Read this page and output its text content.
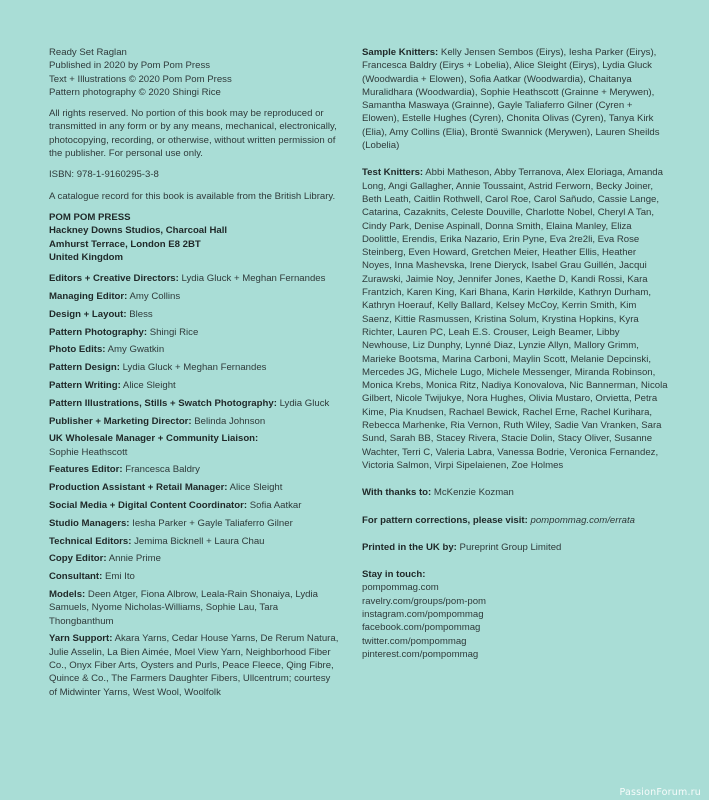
Ready Set Raglan

Published in 2020 by Pom Pom Press

Text + Illustrations © 2020 Pom Pom Press

Pattern photography © 2020 Shingi Rice

All rights reserved. No portion of this book may be reproduced or transmitted in any form or by any means, mechanical, electronically, photocopying, recording, or otherwise, without written permission of the publisher. For personal use only.

ISBN: 978-1-9160295-3-8

A catalogue record for this book is available from the British Library.

POM POM PRESS

Hackney Downs Studios, Charcoal Hall

Amhurst Terrace, London E8 2BT

United Kingdom

Editors + Creative Directors: Lydia Gluck + Meghan Fernandes

Managing Editor: Amy Collins

Design + Layout: Bless

Pattern Photography: Shingi Rice

Photo Edits: Amy Gwatkin

Pattern Design: Lydia Gluck + Meghan Fernandes

Pattern Writing: Alice Sleight

Pattern Illustrations, Stills + Swatch Photography: Lydia Gluck

Publisher + Marketing Director: Belinda Johnson

UK Wholesale Manager + Community Liaison:
Sophie Heathscott

Features Editor: Francesca Baldry

Production Assistant + Retail Manager: Alice Sleight

Social Media + Digital Content Coordinator: Sofia Aatkar

Studio Managers: Iesha Parker + Gayle Taliaferro Gilner

Technical Editors: Jemima Bicknell + Laura Chau

Copy Editor: Annie Prime

Consultant: Emi Ito

Models: Deen Atger, Fiona Albrow, Leala-Rain Shonaiya, Lydia Samuels, Nyome Nicholas-Williams, Sophie Lau, Tara Thongbanthum

Yarn Support: Akara Yarns, Cedar House Yarns, De Rerum Natura, Julie Asselin, La Bien Aimée, Moel View Yarn, Neighborhood Fiber Co., Onyx Fiber Arts, Oysters and Purls, Peace Fleece, Qing Fibre, Quince & Co., The Farmers Daughter Fibers, Ullcentrum; courtesy of Midwinter Yarns, West Wool, Woolfolk

Sample Knitters: Kelly Jensen Sembos (Eirys), Iesha Parker (Eirys), Francesca Baldry (Eirys + Lobelia), Alice Sleight (Eirys), Lydia Gluck (Woodwardia + Elowen), Sofia Aatkar (Woodwardia), Chaitanya Muralidhara (Woodwardia), Sophie Heathscott (Grainne + Merywen), Samantha Maswaya (Grainne), Gayle Taliaferro Gilner (Cyren + Elowen), Estelle Hughes (Cyren), Chonita Olivas (Cyren), Tanya Kirk (Elia), Amy Collins (Elia), Brontë Swannick (Merywen), Lauren Sheilds (Lobelia)

Test Knitters: Abbi Matheson, Abby Terranova, Alex Eloriaga, Amanda Long, Angi Gallagher, Annie Toussaint, Astrid Ferworn, Becky Joiner, Beth Leath, Caitlin Rothwell, Carol Roe, Carol Sañudo, Cassie Lange, Catarina, Cazaknits, Celeste Douville, Charlotte Nobel, Cheryl A Tan, Cindy Park, Denise Aspinall, Donna Smith, Elaina Manley, Eliza Doolittle, Erendis, Erika Nazario, Erin Pyne, Eva 2re2li, Eva Rose Steinberg, Even Howard, Gretchen Meier, Heather Ellis, Heather Noyes, Inna Mashevska, Irene Dieryck, Isabel Grau Guillén, Jacqui Zurawski, Jaimie Noy, Jennifer Jones, Kaethe D, Kandi Rossi, Kara Frantzich, Karen King, Kari Bhana, Karin Hørkilde, Kathryn Durham, Kathryn Hoerauf, Kelly Ballard, Kelsey McCoy, Kerrin Smith, Kim Saenz, Kittie Rasmussen, Kristina Solum, Krystina Hopkins, Kyra Richter, Lauren PC, Leah E.S. Crouser, Leigh Beamer, Libby Newhouse, Liz Dunphy, Lynné Diaz, Lynzie Allyn, Mallory Grimm, Marieke Bootsma, Marina Carboni, Maylin Scott, Melanie Depcinski, Mercedes JG, Michele Lugo, Michele Messenger, Miranda Robinson, Monica Krebs, Monica Ritz, Nadiya Konovalova, Nic Bannerman, Nicola Gilbert, Nicole Twijukye, Nora Hughes, Olivia Mustaro, Orvietta, Petra Kime, Pia Knudsen, Rachael Bewick, Rachel Erne, Rachel Kurihara, Rebecca Marhenke, Ria Vernon, Ruth Wiley, Sadie Van Vranken, Sara Sund, Sarah BB, Stacey Rivera, Stacie Dolin, Stacy Oliver, Susanne Wachter, Terri C, Valeria Labra, Vanessa Bodrie, Veronica Fernandez, Victoria Salmon, Virpi Sipelaienen, Zoe Holmes

With thanks to: McKenzie Kozman

For pattern corrections, please visit: pompommag.com/errata

Printed in the UK by: Pureprint Group Limited

Stay in touch:

pompommag.com

ravelry.com/groups/pom-pom

instagram.com/pompommag

facebook.com/pompommag

twitter.com/pompommag

pinterest.com/pompommag

PassionForum.ru
